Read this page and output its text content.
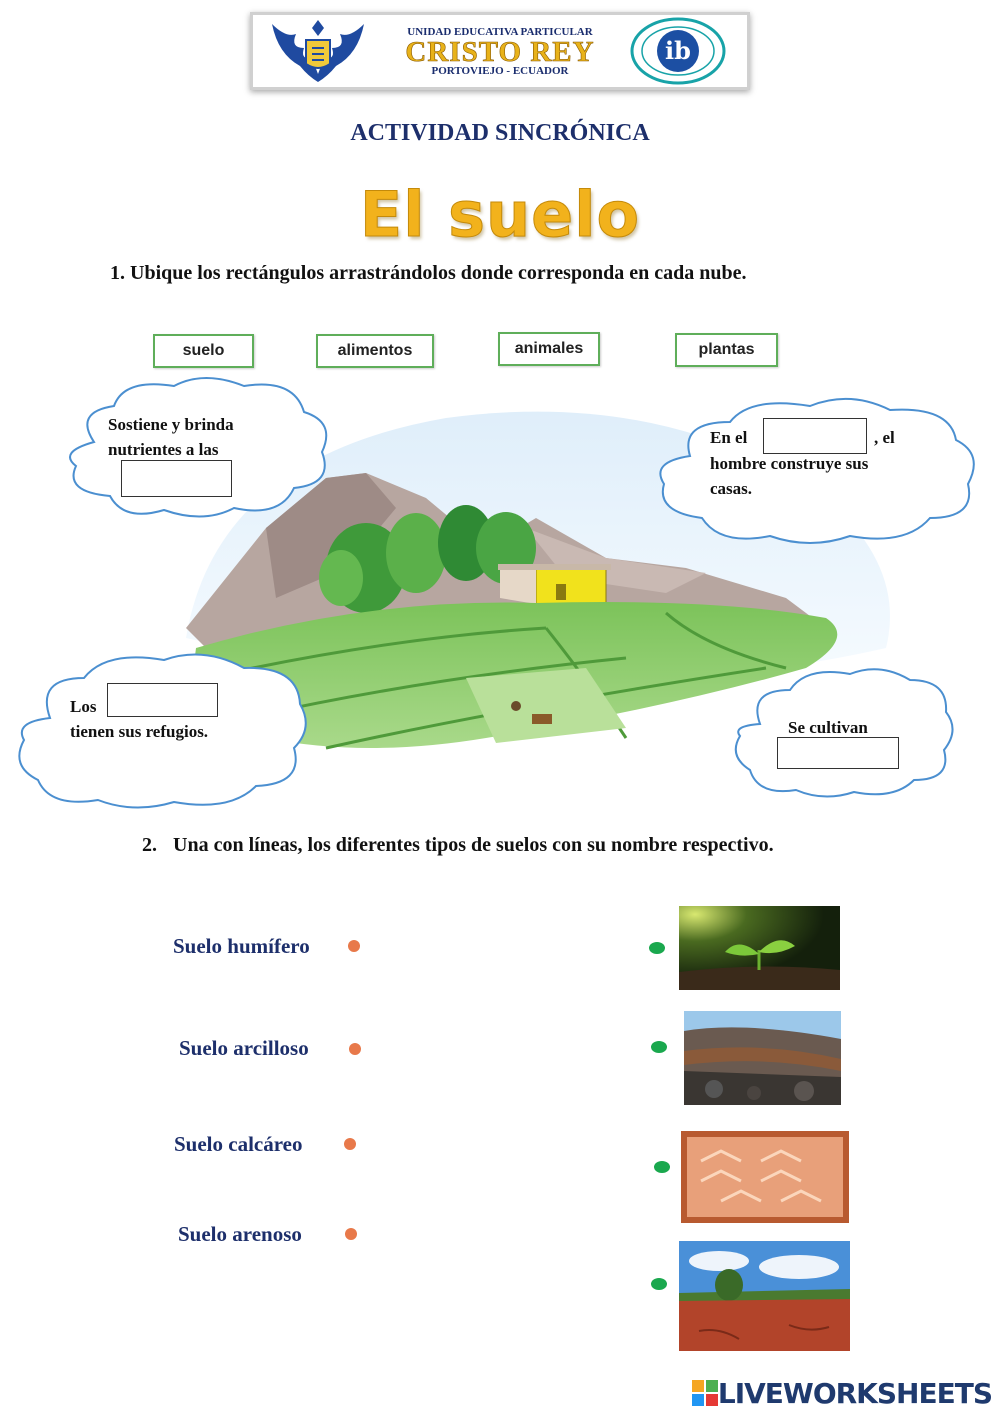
UNIDAD EDUCATIVA PARTICULAR
CRISTO REY
PORTOVIEJO - ECUADOR
ib
ACTIVIDAD SINCRÓNICA
El suelo
1. Ubique los rectángulos arrastrándolos donde corresponda en cada nube.
suelo	alimentos	animales	plantas
Sostiene y brinda
nutrientes a las
En el	, el
hombre construye sus
casas.
Los
tienen sus refugios.	Se cultivan
2. Una con líneas, los diferentes tipos de suelos con su nombre respectivo.
Suelo humífero
Suelo arcilloso
Suelo calcáreo
Suelo arenoso
LIVEWORKSHEETS
